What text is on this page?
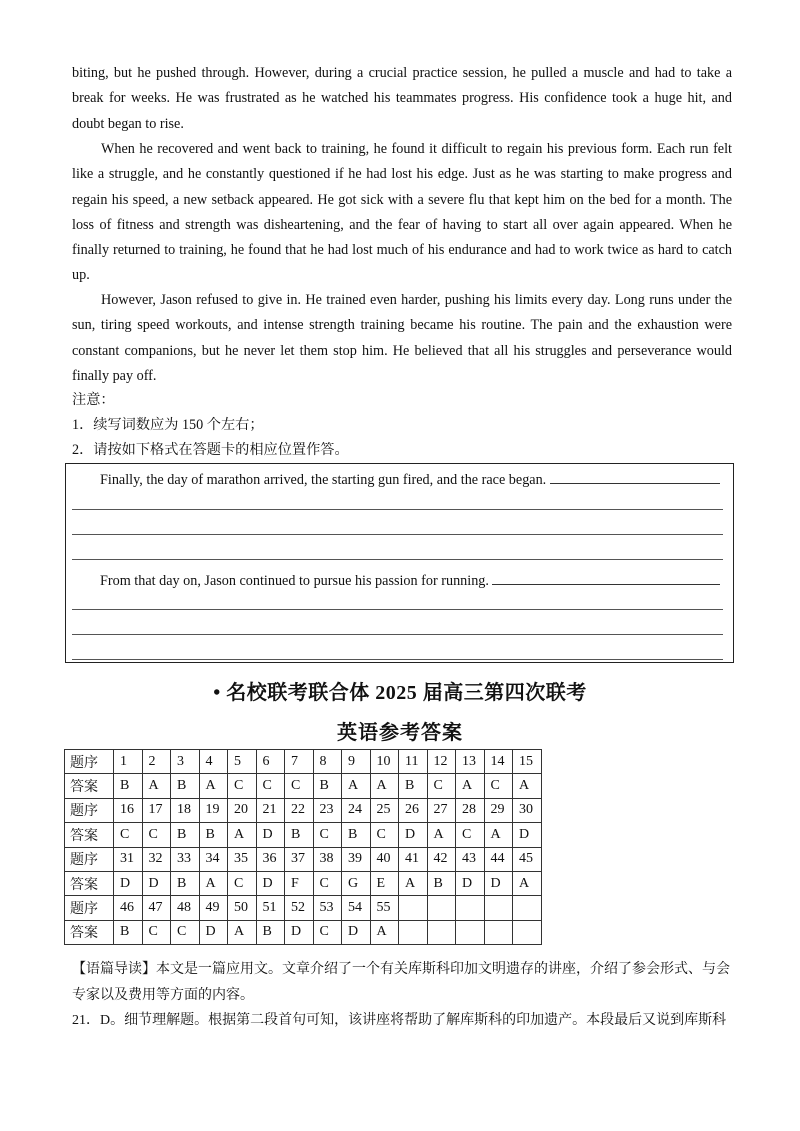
biting, but he pushed through. However, during a crucial practice session, he pulled a muscle and had to take a break for weeks. He was frustrated as he watched his teammates progress. His confidence took a huge hit, and doubt began to rise.
When he recovered and went back to training, he found it difficult to regain his previous form. Each run felt like a struggle, and he constantly questioned if he had lost his edge. Just as he was starting to make progress and regain his speed, a new setback appeared. He got sick with a severe flu that kept him on the bed for a month. The loss of fitness and strength was disheartening, and the fear of having to start all over again appeared. When he finally returned to training, he found that he had lost much of his endurance and had to work twice as hard to catch up.
However, Jason refused to give in. He trained even harder, pushing his limits every day. Long runs under the sun, tiring speed workouts, and intense strength training became his routine. The pain and the exhaustion were constant companions, but he never let them stop him. He believed that all his struggles and perseverance would finally pay off.
注意：
1．续写词数应为 150 个左右；
2．请按如下格式在答题卡的相应位置作答。
Finally, the day of marathon arrived, the starting gun fired, and the race began.
From that day on, Jason continued to pursue his passion for running.
• 名校联考联合体 2025 届高三第四次联考
英语参考答案
题序	1	2	3	4	5	6	7	8	9	10	11	12	13	14	15
答案	B	A	B	A	C	C	C	B	A	A	B	C	A	C	A
题序	16	17	18	19	20	21	22	23	24	25	26	27	28	29	30
答案	C	C	B	B	A	D	B	C	B	C	D	A	C	A	D
题序	31	32	33	34	35	36	37	38	39	40	41	42	43	44	45
答案	D	D	B	A	C	D	F	C	G	E	A	B	D	D	A
题序	46	47	48	49	50	51	52	53	54	55					
答案	B	C	C	D	A	B	D	C	D	A					
【语篇导读】本文是一篇应用文。文章介绍了一个有关库斯科印加文明遗存的讲座，介绍了参会形式、与会专家以及费用等方面的内容。
21．D。细节理解题。根据第二段首句可知，该讲座将帮助了解库斯科的印加遗产。本段最后又说到库斯科
